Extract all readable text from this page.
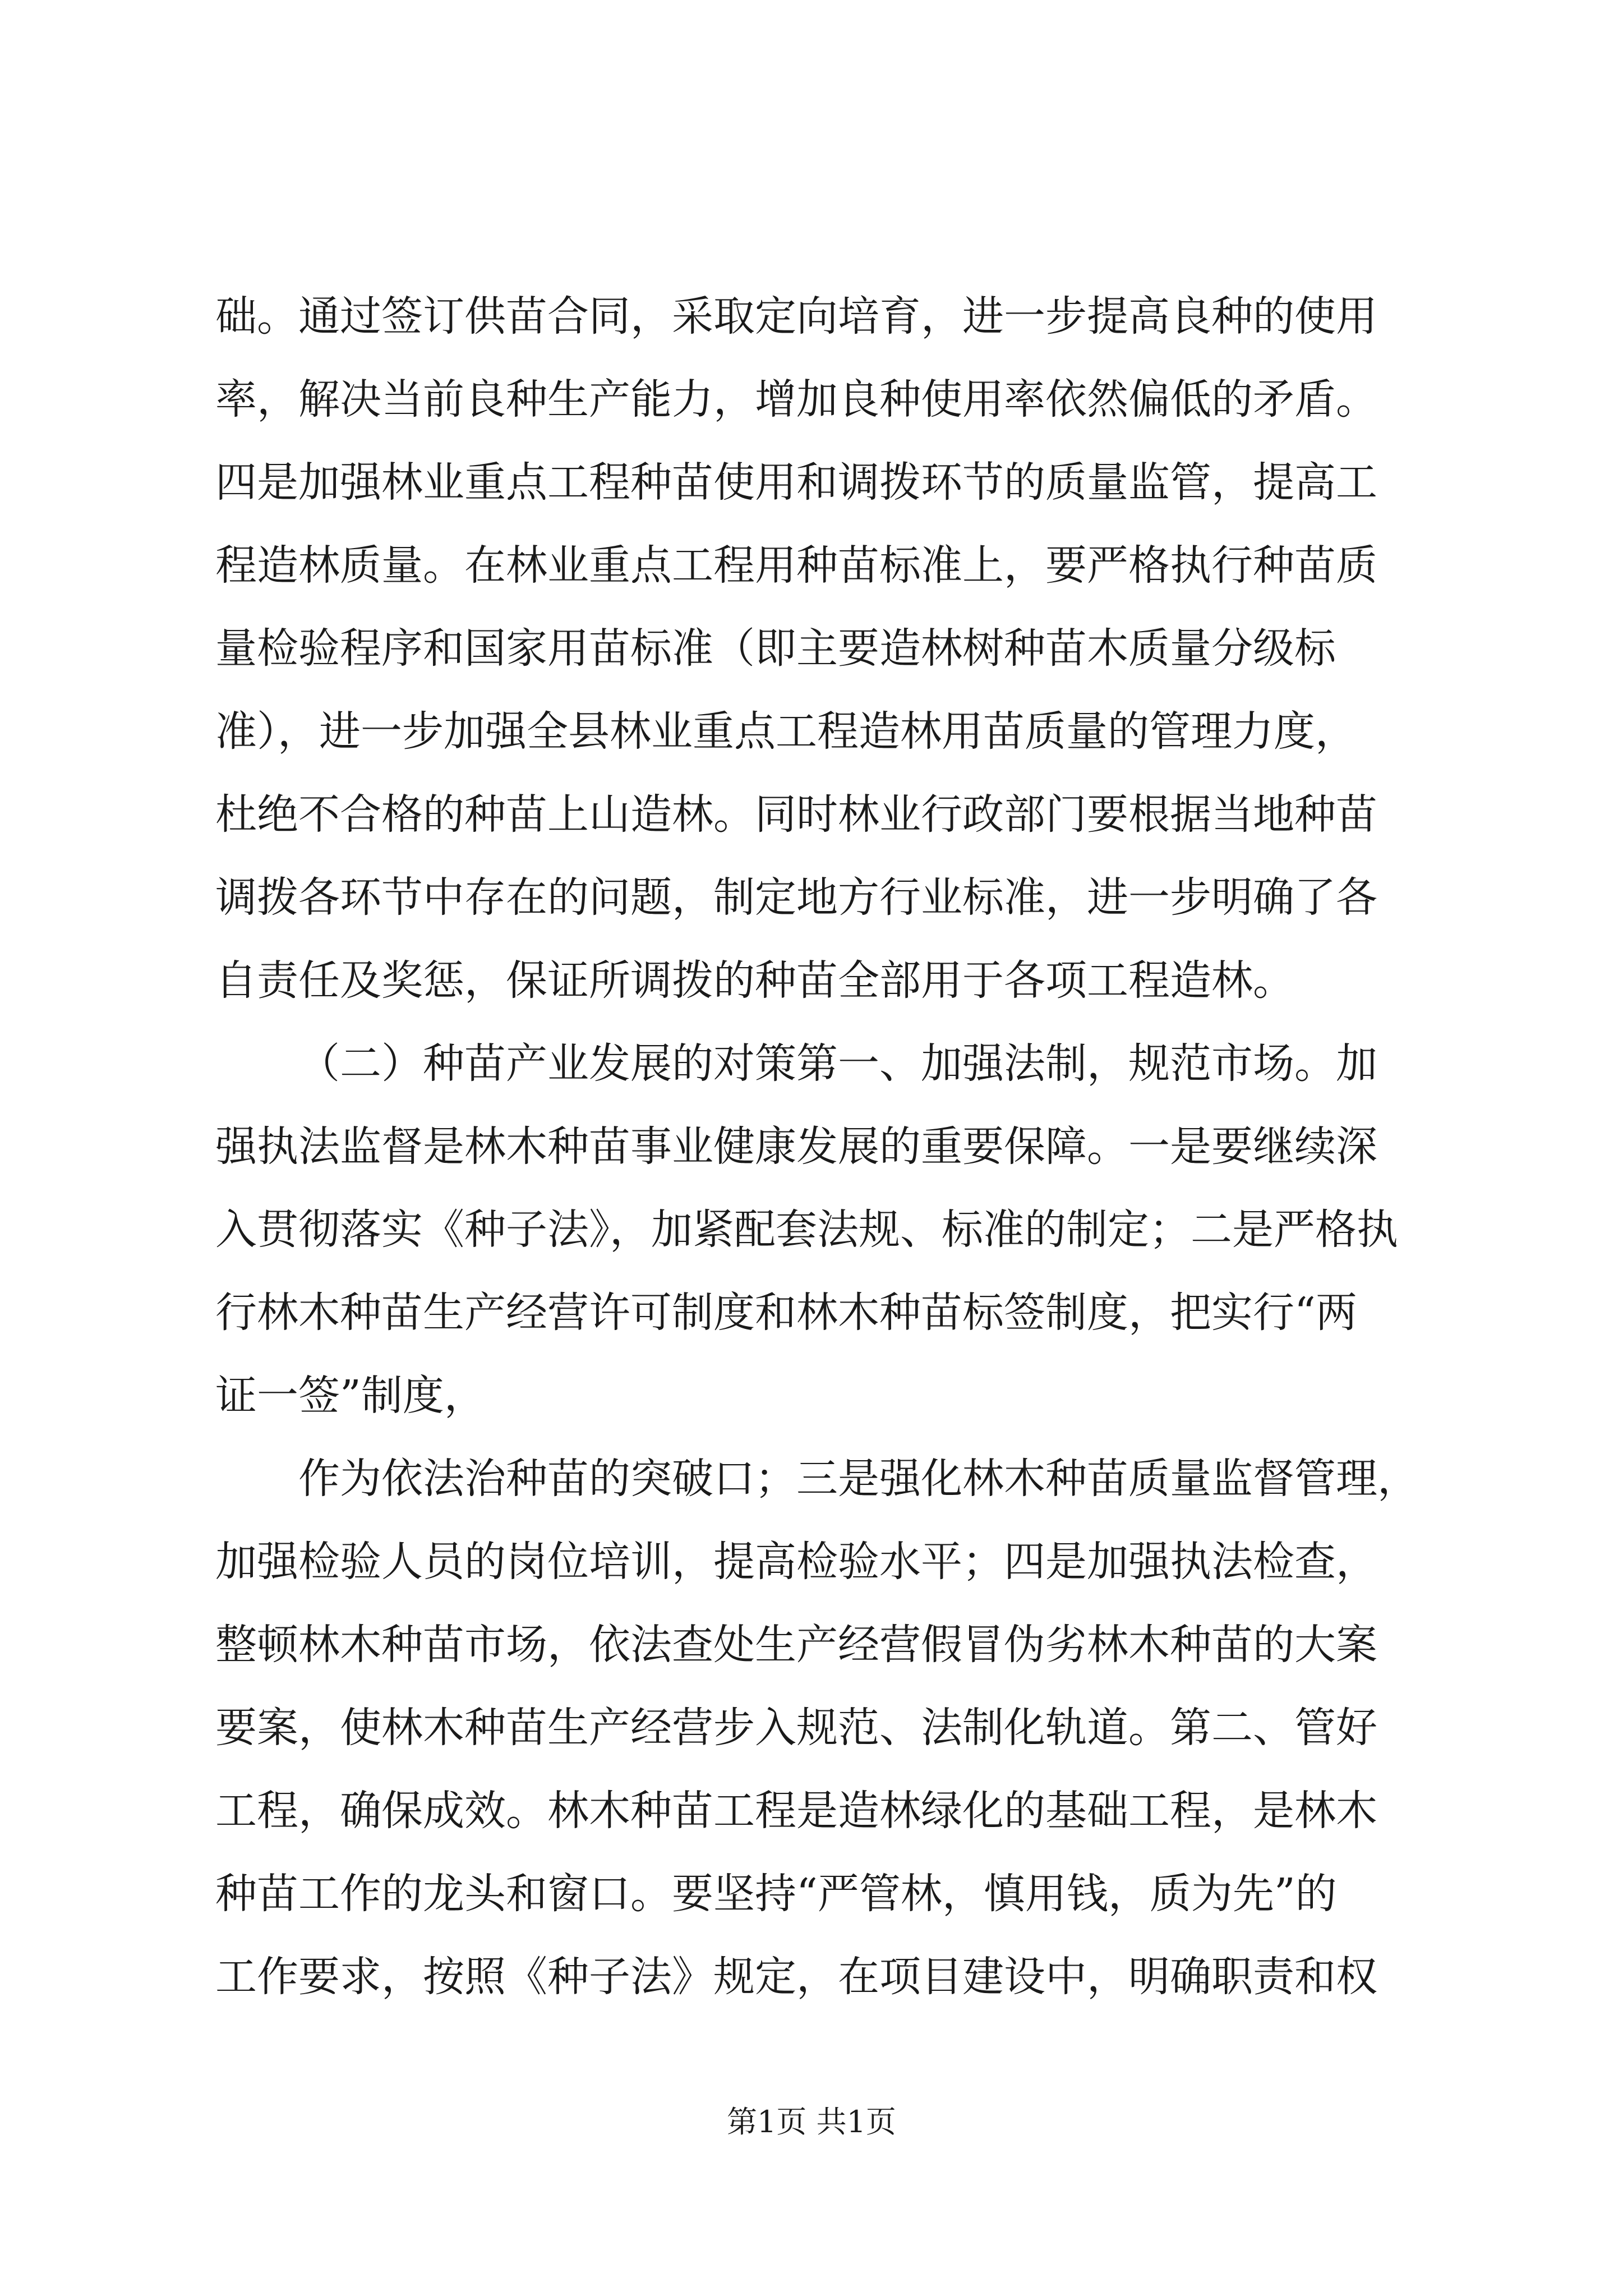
础。通过签订供苗合同，采取定向培育，进一步提高良种的使用
率，解决当前良种生产能力，增加良种使用率依然偏低的矛盾。
四是加强林业重点工程种苗使用和调拨环节的质量监管，提高工
程造林质量。在林业重点工程用种苗标准上，要严格执行种苗质
量检验程序和国家用苗标准（即主要造林树种苗木质量分级标
准），进一步加强全县林业重点工程造林用苗质量的管理力度，
杜绝不合格的种苗上山造林。同时林业行政部门要根据当地种苗
调拨各环节中存在的问题，制定地方行业标准，进一步明确了各
自责任及奖惩，保证所调拨的种苗全部用于各项工程造林。
（二）种苗产业发展的对策第一、加强法制，规范市场。加
强执法监督是林木种苗事业健康发展的重要保障。一是要继续深
入贯彻落实《种子法》，加紧配套法规、标准的制定；二是严格执
行林木种苗生产经营许可制度和林木种苗标签制度，把实行“两
证一签”制度，
作为依法治种苗的突破口；三是强化林木种苗质量监督管理，
加强检验人员的岗位培训，提高检验水平；四是加强执法检查，
整顿林木种苗市场，依法查处生产经营假冒伪劣林木种苗的大案
要案，使林木种苗生产经营步入规范、法制化轨道。第二、管好
工程，确保成效。林木种苗工程是造林绿化的基础工程，是林木
种苗工作的龙头和窗口。要坚持“严管林，慎用钱，质为先”的
工作要求，按照《种子法》规定，在项目建设中，明确职责和权
第1页 共1页
